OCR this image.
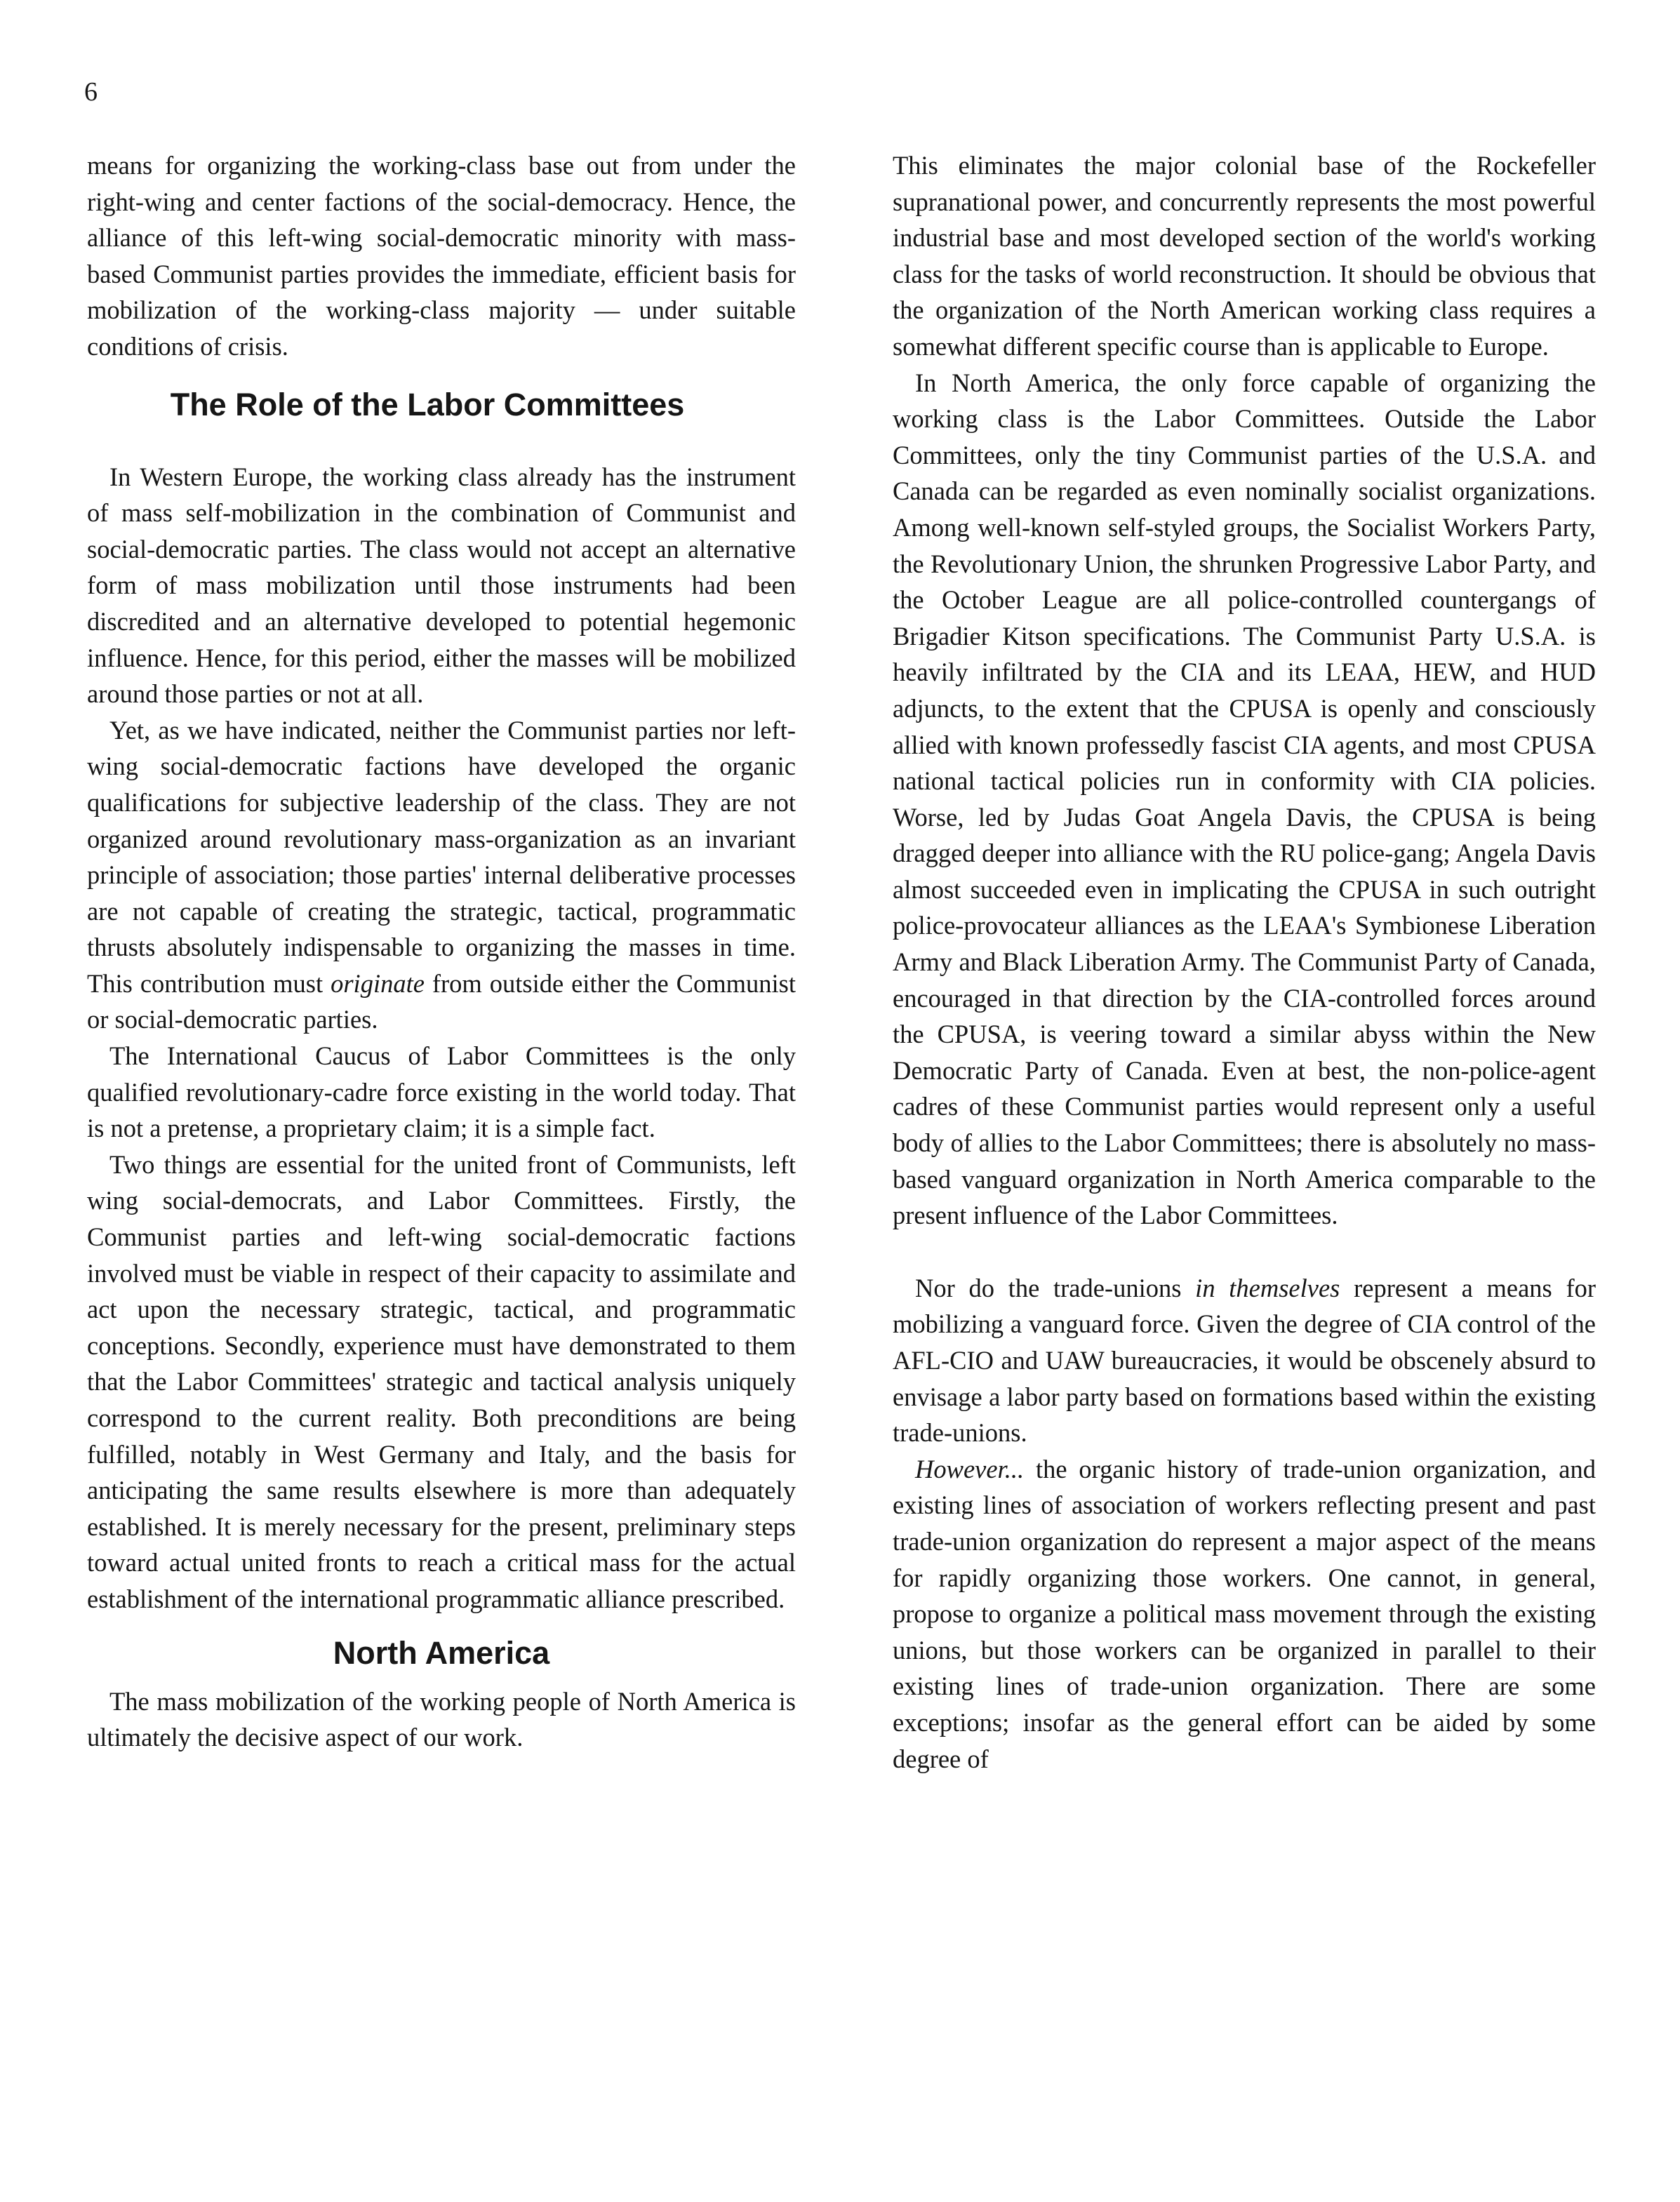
6

means for organizing the working-class base out from under the right-wing and center factions of the social-democracy. Hence, the alliance of this left-wing social-democratic minority with mass-based Communist parties provides the immediate, efficient basis for mobilization of the working-class majority — under suitable conditions of crisis.

The Role of the Labor Committees

In Western Europe, the working class already has the instrument of mass self-mobilization in the combination of Communist and social-democratic parties. The class would not accept an alternative form of mass mobilization until those instruments had been discredited and an alternative developed to potential hegemonic influence. Hence, for this period, either the masses will be mobilized around those parties or not at all.

Yet, as we have indicated, neither the Communist parties nor left-wing social-democratic factions have developed the organic qualifications for subjective leadership of the class. They are not organized around revolutionary mass-organization as an invariant principle of association; those parties' internal deliberative processes are not capable of creating the strategic, tactical, programmatic thrusts absolutely indispensable to organizing the masses in time. This contribution must originate from outside either the Communist or social-democratic parties.

The International Caucus of Labor Committees is the only qualified revolutionary-cadre force existing in the world today. That is not a pretense, a proprietary claim; it is a simple fact.

Two things are essential for the united front of Communists, left wing social-democrats, and Labor Committees. Firstly, the Communist parties and left-wing social-democratic factions involved must be viable in respect of their capacity to assimilate and act upon the necessary strategic, tactical, and programmatic conceptions. Secondly, experience must have demonstrated to them that the Labor Committees' strategic and tactical analysis uniquely correspond to the current reality. Both preconditions are being fulfilled, notably in West Germany and Italy, and the basis for anticipating the same results elsewhere is more than adequately established. It is merely necessary for the present, preliminary steps toward actual united fronts to reach a critical mass for the actual establishment of the international programmatic alliance prescribed.

North America

The mass mobilization of the working people of North America is ultimately the decisive aspect of our work.

This eliminates the major colonial base of the Rockefeller supranational power, and concurrently represents the most powerful industrial base and most developed section of the world's working class for the tasks of world reconstruction. It should be obvious that the organization of the North American working class requires a somewhat different specific course than is applicable to Europe.

In North America, the only force capable of organizing the working class is the Labor Committees. Outside the Labor Committees, only the tiny Communist parties of the U.S.A. and Canada can be regarded as even nominally socialist organizations. Among well-known self-styled groups, the Socialist Workers Party, the Revolutionary Union, the shrunken Progressive Labor Party, and the October League are all police-controlled countergangs of Brigadier Kitson specifications. The Communist Party U.S.A. is heavily infiltrated by the CIA and its LEAA, HEW, and HUD adjuncts, to the extent that the CPUSA is openly and consciously allied with known professedly fascist CIA agents, and most CPUSA national tactical policies run in conformity with CIA policies. Worse, led by Judas Goat Angela Davis, the CPUSA is being dragged deeper into alliance with the RU police-gang; Angela Davis almost succeeded even in implicating the CPUSA in such outright police-provocateur alliances as the LEAA's Symbionese Liberation Army and Black Liberation Army. The Communist Party of Canada, encouraged in that direction by the CIA-controlled forces around the CPUSA, is veering toward a similar abyss within the New Democratic Party of Canada. Even at best, the non-police-agent cadres of these Communist parties would represent only a useful body of allies to the Labor Committees; there is absolutely no mass-based vanguard organization in North America comparable to the present influence of the Labor Committees.

Nor do the trade-unions in themselves represent a means for mobilizing a vanguard force. Given the degree of CIA control of the AFL-CIO and UAW bureaucracies, it would be obscenely absurd to envisage a labor party based on formations based within the existing trade-unions.

However... the organic history of trade-union organization, and existing lines of association of workers reflecting present and past trade-union organization do represent a major aspect of the means for rapidly organizing those workers. One cannot, in general, propose to organize a political mass movement through the existing unions, but those workers can be organized in parallel to their existing lines of trade-union organization. There are some exceptions; insofar as the general effort can be aided by some degree of
